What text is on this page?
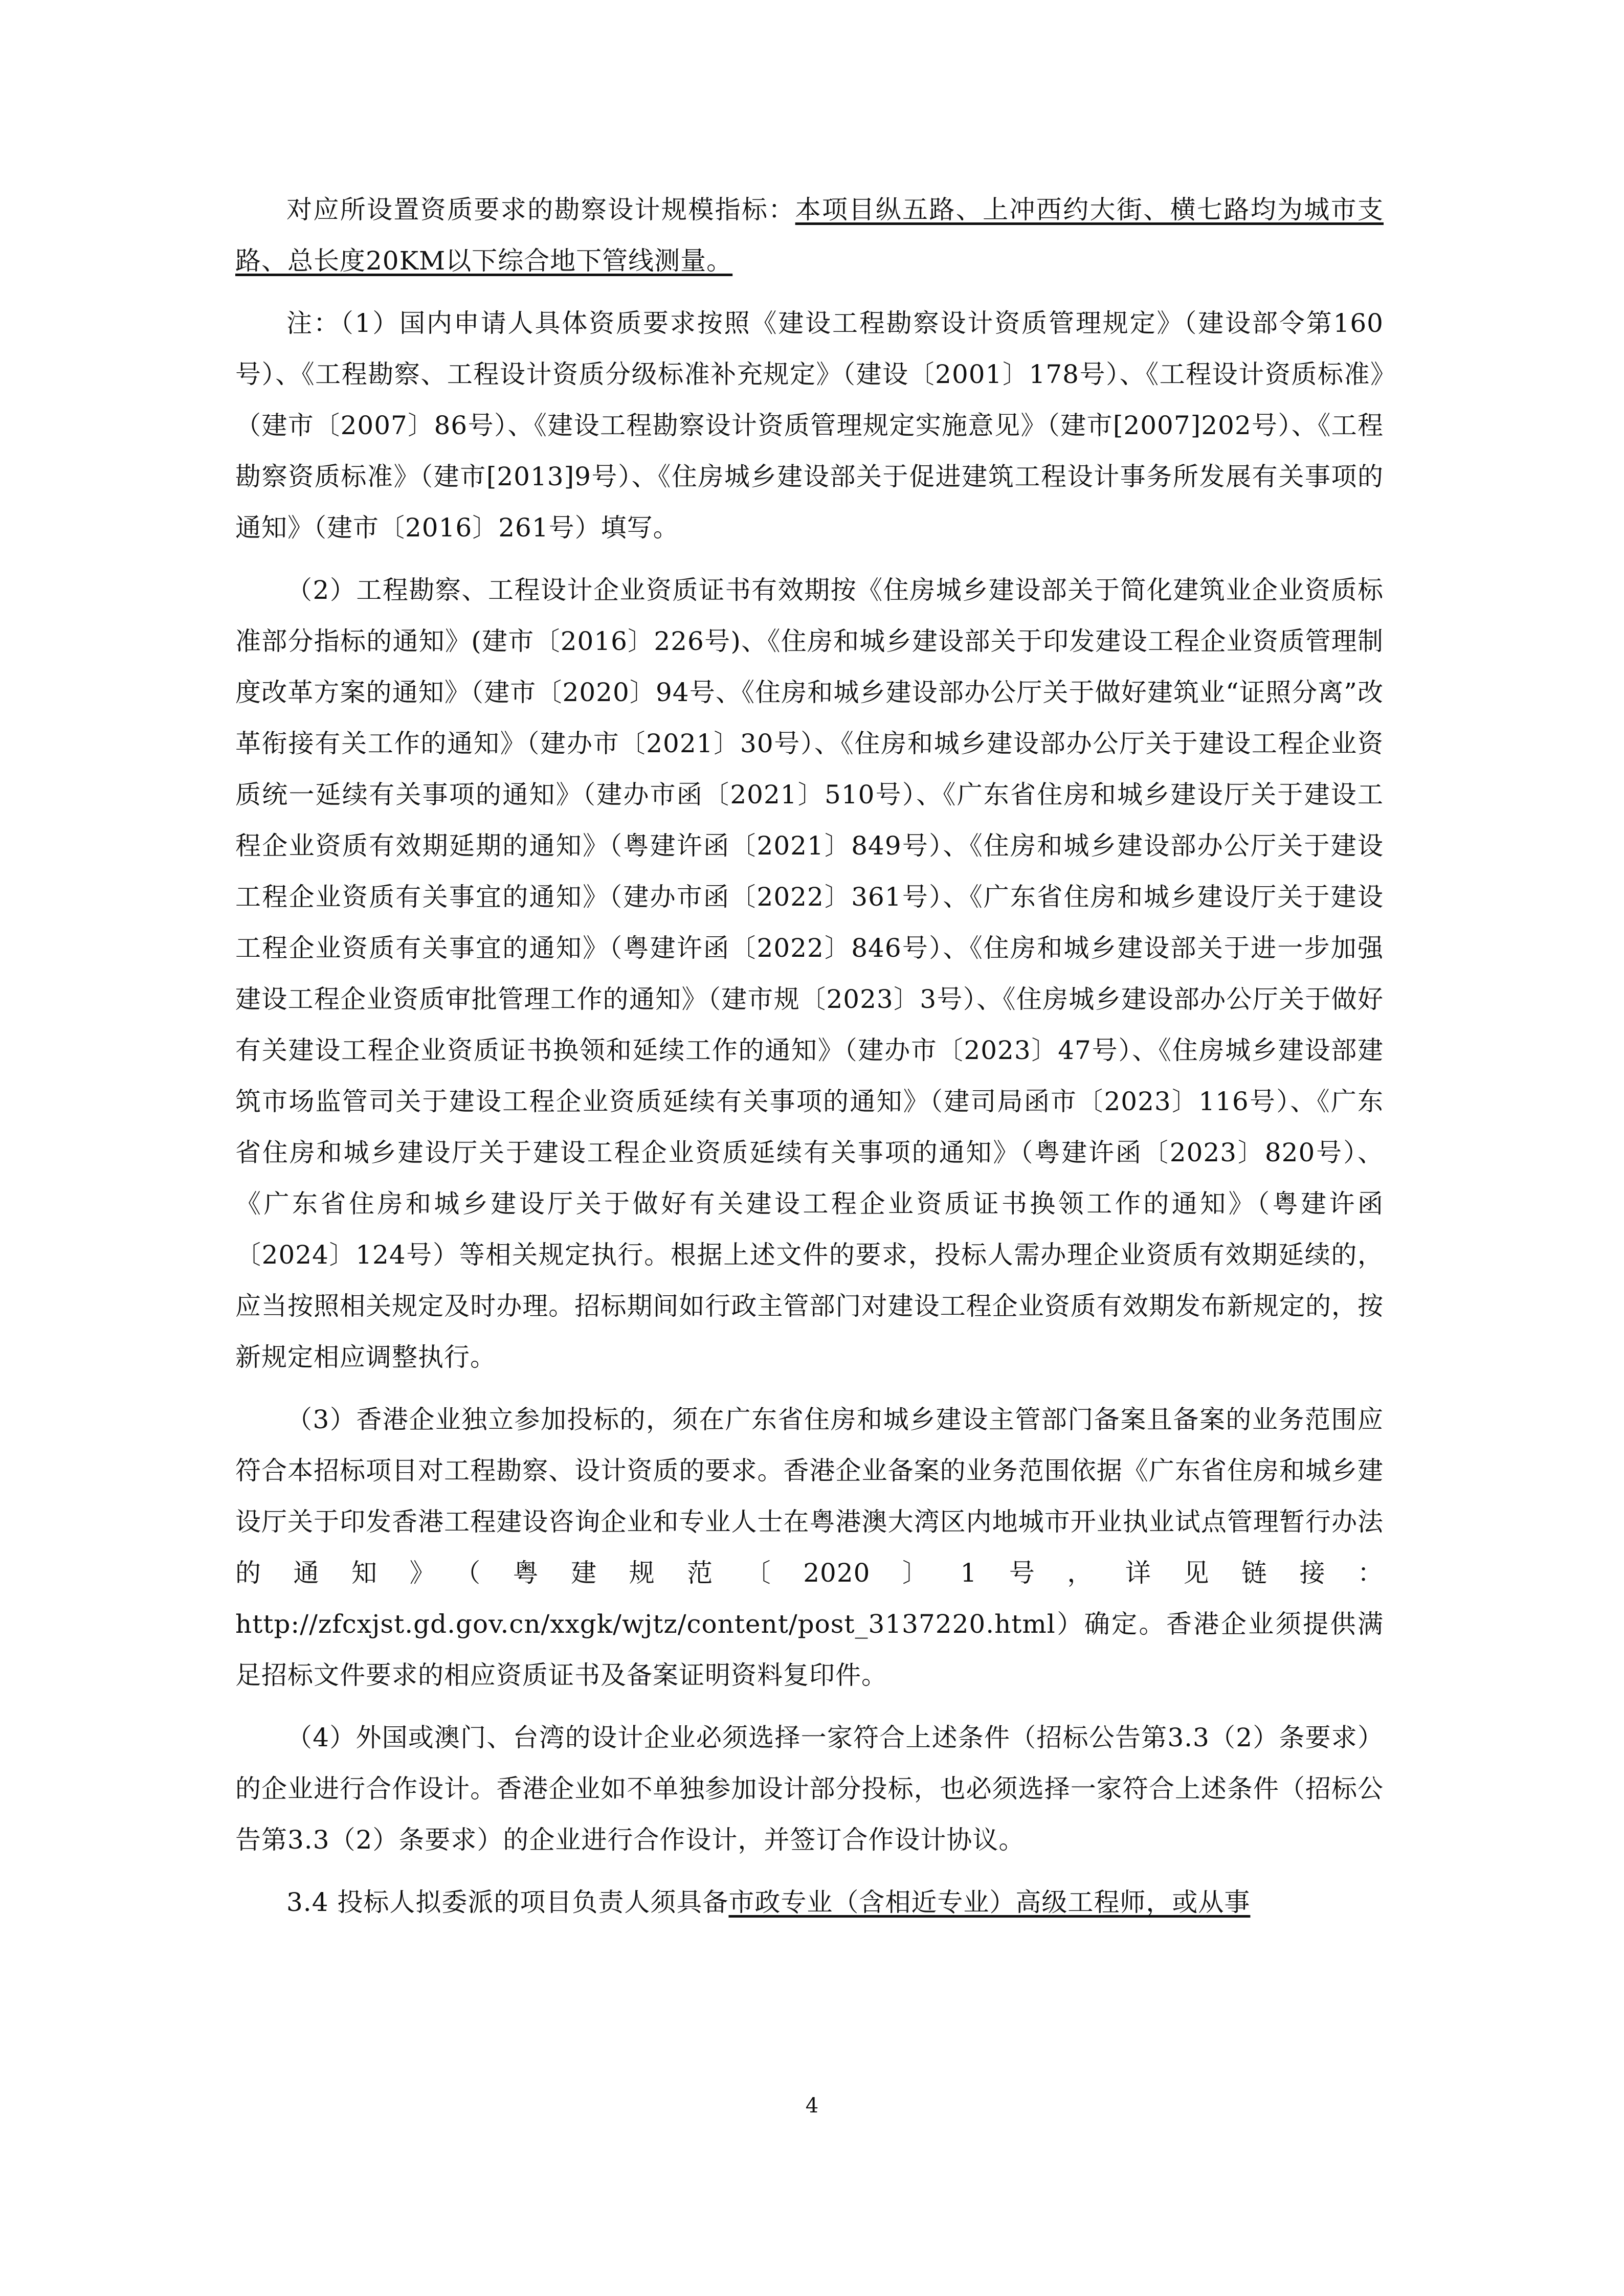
对应所设置资质要求的勘察设计规模指标：本项目纵五路、上冲西约大街、横七路均为城市支路、总长度20KM以下综合地下管线测量。

注：（1）国内申请人具体资质要求按照《建设工程勘察设计资质管理规定》（建设部令第160号）、《工程勘察、工程设计资质分级标准补充规定》（建设〔2001〕178号）、《工程设计资质标准》（建市〔2007〕86号）、《建设工程勘察设计资质管理规定实施意见》（建市[2007]202号）、《工程勘察资质标准》（建市[2013]9号）、《住房城乡建设部关于促进建筑工程设计事务所发展有关事项的通知》（建市〔2016〕261号）填写。

（2）工程勘察、工程设计企业资质证书有效期按《住房城乡建设部关于简化建筑业企业资质标准部分指标的通知》(建市〔2016〕226号)、《住房和城乡建设部关于印发建设工程企业资质管理制度改革方案的通知》（建市〔2020〕94号、《住房和城乡建设部办公厅关于做好建筑业“证照分离”改革衔接有关工作的通知》（建办市〔2021〕30号）、《住房和城乡建设部办公厅关于建设工程企业资质统一延续有关事项的通知》（建办市函〔2021〕510号）、《广东省住房和城乡建设厅关于建设工程企业资质有效期延期的通知》（粤建许函〔2021〕849号）、《住房和城乡建设部办公厅关于建设工程企业资质有关事宜的通知》（建办市函〔2022〕361号）、《广东省住房和城乡建设厅关于建设工程企业资质有关事宜的通知》（粤建许函〔2022〕846号）、《住房和城乡建设部关于进一步加强建设工程企业资质审批管理工作的通知》（建市规〔2023〕3号）、《住房城乡建设部办公厅关于做好有关建设工程企业资质证书换领和延续工作的通知》（建办市〔2023〕47号）、《住房城乡建设部建筑市场监管司关于建设工程企业资质延续有关事项的通知》（建司局函市〔2023〕116号）、《广东省住房和城乡建设厅关于建设工程企业资质延续有关事项的通知》（粤建许函〔2023〕820号）、《广东省住房和城乡建设厅关于做好有关建设工程企业资质证书换领工作的通知》（粤建许函〔2024〕124号）等相关规定执行。根据上述文件的要求，投标人需办理企业资质有效期延续的，应当按照相关规定及时办理。招标期间如行政主管部门对建设工程企业资质有效期发布新规定的，按新规定相应调整执行。

（3）香港企业独立参加投标的，须在广东省住房和城乡建设主管部门备案且备案的业务范围应符合本招标项目对工程勘察、设计资质的要求。香港企业备案的业务范围依据《广东省住房和城乡建设厅关于印发香港工程建设咨询企业和专业人士在粤港澳大湾区内地城市开业执业试点管理暂行办法的通知》（粤建规范〔2020〕1号，详见链接：http://zfcxjst.gd.gov.cn/xxgk/wjtz/content/post_3137220.html）确定。香港企业须提供满足招标文件要求的相应资质证书及备案证明资料复印件。

（4）外国或澳门、台湾的设计企业必须选择一家符合上述条件（招标公告第3.3（2）条要求）的企业进行合作设计。香港企业如不单独参加设计部分投标，也必须选择一家符合上述条件（招标公告第3.3（2）条要求）的企业进行合作设计，并签订合作设计协议。

3.4 投标人拟委派的项目负责人须具备市政专业（含相近专业）高级工程师，或从事

4
